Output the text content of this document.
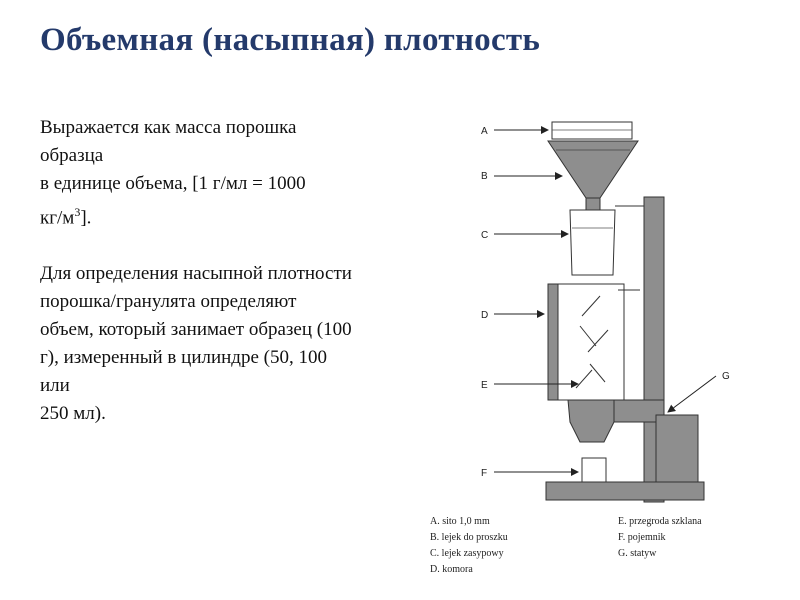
Объемная (насыпная) плотность

Выражается как масса порошка
образца
в единице объема, [1 г/мл = 1000
$кг/м^3$].

Для определения насыпной плотности
порошка/гранулята определяют
объем, который занимает образец (100
г), измеренный в цилиндре (50, 100
или
250 мл).

A
B
C
D
E
F
G
A. sito 1,0 mm
B. lejek do proszku
C. lejek zasypowy
D. komora
E. przegroda szklana
F. pojemnik
G. statyw
